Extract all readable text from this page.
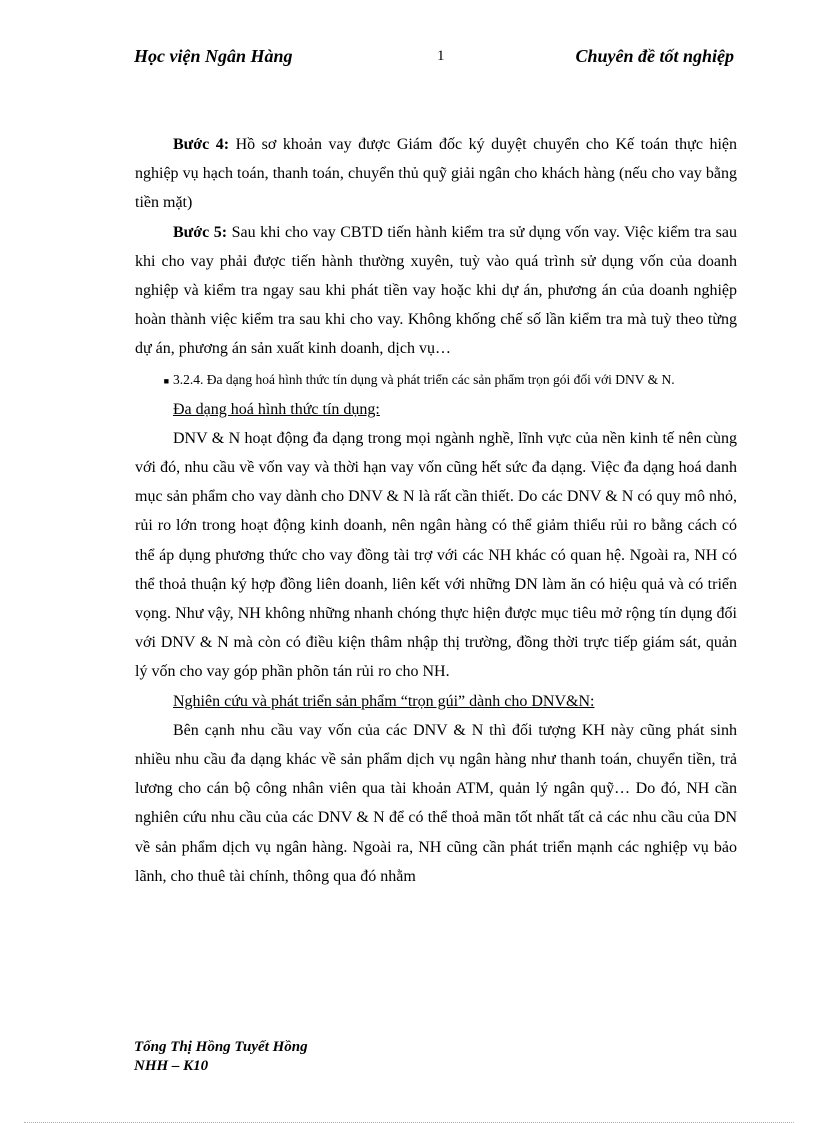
Học viện Ngân Hàng	1	Chuyên đề tốt nghiệp

Bước 4: Hồ sơ khoản vay được Giám đốc ký duyệt chuyển cho Kế toán thực hiện nghiệp vụ hạch toán, thanh toán, chuyển thủ quỹ giải ngân cho khách hàng (nếu cho vay bằng tiền mặt)

Bước 5: Sau khi cho vay CBTD tiến hành kiểm tra sử dụng vốn vay. Việc kiểm tra sau khi cho vay phải được tiến hành thường xuyên, tuỳ vào quá trình sử dụng vốn của doanh nghiệp và kiểm tra ngay sau khi phát tiền vay hoặc khi dự án, phương án của doanh nghiệp hoàn thành việc kiểm tra sau khi cho vay. Không khống chế số lần kiểm tra mà tuỳ theo từng dự án, phương án sản xuất kinh doanh, dịch vụ…

■ 3.2.4. Đa dạng hoá hình thức tín dụng và phát triển các sản phẩm trọn gói đối với DNV & N.

Đa dạng hoá hình thức tín dụng:

DNV & N hoạt động đa dạng trong mọi ngành nghề, lĩnh vực của nền kinh tế nên cùng với đó, nhu cầu về vốn vay và thời hạn vay vốn cũng hết sức đa dạng. Việc đa dạng hoá danh mục sản phẩm cho vay dành cho DNV & N là rất cần thiết. Do các DNV & N có quy mô nhỏ, rủi ro lớn trong hoạt động kinh doanh, nên ngân hàng có thể giảm thiểu rủi ro bằng cách có thể áp dụng phương thức cho vay đồng tài trợ với các NH khác có quan hệ. Ngoài ra, NH có thể thoả thuận ký hợp đồng liên doanh, liên kết với những DN làm ăn có hiệu quả và có triển vọng. Như vậy, NH không những nhanh chóng thực hiện được mục tiêu mở rộng tín dụng đối với DNV & N mà còn có điều kiện thâm nhập thị trường, đồng thời trực tiếp giám sát, quản lý vốn cho vay góp phần phõn tán rủi ro cho NH.

Nghiên cứu và phát triển sản phẩm “trọn gúi” dành cho DNV&N:

Bên cạnh nhu cầu vay vốn của các DNV & N thì đối tượng KH này cũng phát sinh nhiều nhu cầu đa dạng khác về sản phẩm dịch vụ ngân hàng như thanh toán, chuyển tiền, trả lương cho cán bộ công nhân viên qua tài khoản ATM, quản lý ngân quỹ… Do đó, NH cần nghiên cứu nhu cầu của các DNV & N để có thể thoả mãn tốt nhất tất cả các nhu cầu của DN về sản phẩm dịch vụ ngân hàng. Ngoài ra, NH cũng cần phát triển mạnh các nghiệp vụ bảo lãnh, cho thuê tài chính, thông qua đó nhằm

Tống Thị Hồng Tuyết Hồng
NHH – K10
